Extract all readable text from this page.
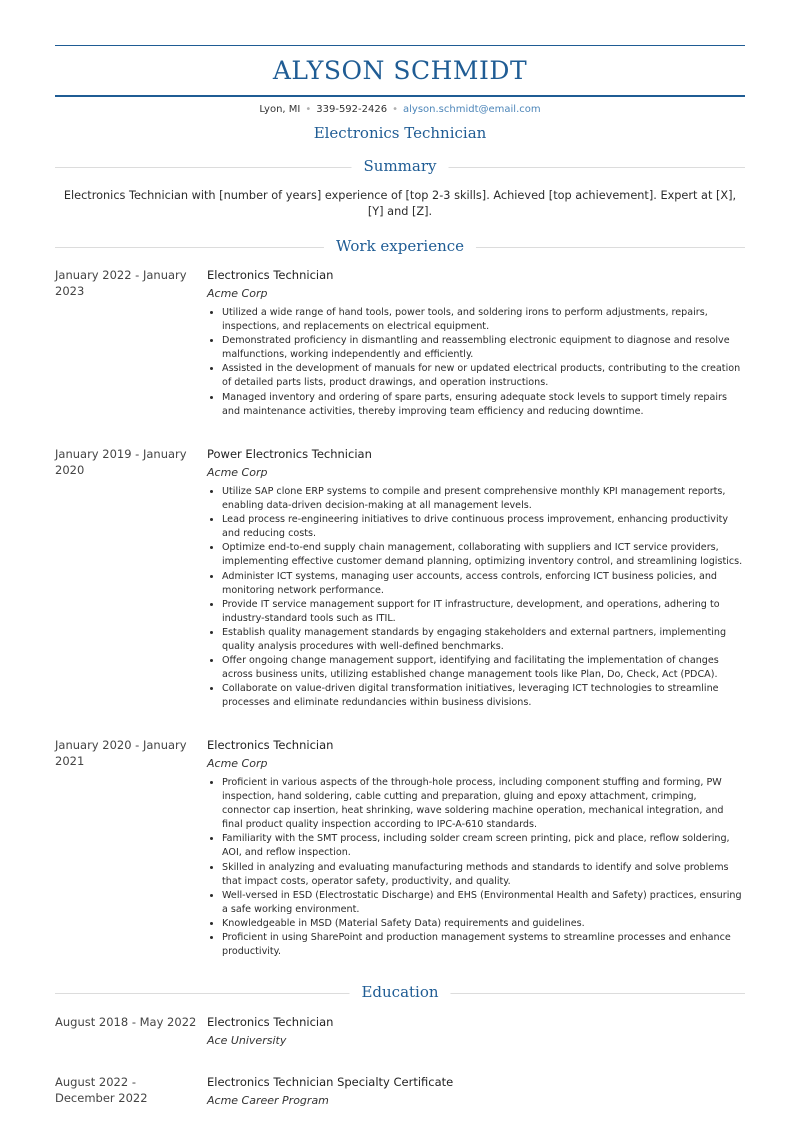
ALYSON SCHMIDT
Lyon, MI • 339-592-2426 • alyson.schmidt@email.com
Electronics Technician
Summary
Electronics Technician with [number of years] experience of [top 2-3 skills]. Achieved [top achievement]. Expert at [X], [Y] and [Z].
Work experience
January 2022 - January 2023
Electronics Technician
Acme Corp
• Utilized a wide range of hand tools, power tools, and soldering irons to perform adjustments, repairs, inspections, and replacements on electrical equipment.
• Demonstrated proficiency in dismantling and reassembling electronic equipment to diagnose and resolve malfunctions, working independently and efficiently.
• Assisted in the development of manuals for new or updated electrical products, contributing to the creation of detailed parts lists, product drawings, and operation instructions.
• Managed inventory and ordering of spare parts, ensuring adequate stock levels to support timely repairs and maintenance activities, thereby improving team efficiency and reducing downtime.
January 2019 - January 2020
Power Electronics Technician
Acme Corp
• Utilize SAP clone ERP systems to compile and present comprehensive monthly KPI management reports, enabling data-driven decision-making at all management levels.
• Lead process re-engineering initiatives to drive continuous process improvement, enhancing productivity and reducing costs.
• Optimize end-to-end supply chain management, collaborating with suppliers and ICT service providers, implementing effective customer demand planning, optimizing inventory control, and streamlining logistics.
• Administer ICT systems, managing user accounts, access controls, enforcing ICT business policies, and monitoring network performance.
• Provide IT service management support for IT infrastructure, development, and operations, adhering to industry-standard tools such as ITIL.
• Establish quality management standards by engaging stakeholders and external partners, implementing quality analysis procedures with well-defined benchmarks.
• Offer ongoing change management support, identifying and facilitating the implementation of changes across business units, utilizing established change management tools like Plan, Do, Check, Act (PDCA).
• Collaborate on value-driven digital transformation initiatives, leveraging ICT technologies to streamline processes and eliminate redundancies within business divisions.
January 2020 - January 2021
Electronics Technician
Acme Corp
• Proficient in various aspects of the through-hole process, including component stuffing and forming, PW inspection, hand soldering, cable cutting and preparation, gluing and epoxy attachment, crimping, connector cap insertion, heat shrinking, wave soldering machine operation, mechanical integration, and final product quality inspection according to IPC-A-610 standards.
• Familiarity with the SMT process, including solder cream screen printing, pick and place, reflow soldering, AOI, and reflow inspection.
• Skilled in analyzing and evaluating manufacturing methods and standards to identify and solve problems that impact costs, operator safety, productivity, and quality.
• Well-versed in ESD (Electrostatic Discharge) and EHS (Environmental Health and Safety) practices, ensuring a safe working environment.
• Knowledgeable in MSD (Material Safety Data) requirements and guidelines.
• Proficient in using SharePoint and production management systems to streamline processes and enhance productivity.
Education
August 2018 - May 2022 Electronics Technician
Ace University
August 2022 - December 2022
Electronics Technician Specialty Certificate
Acme Career Program
